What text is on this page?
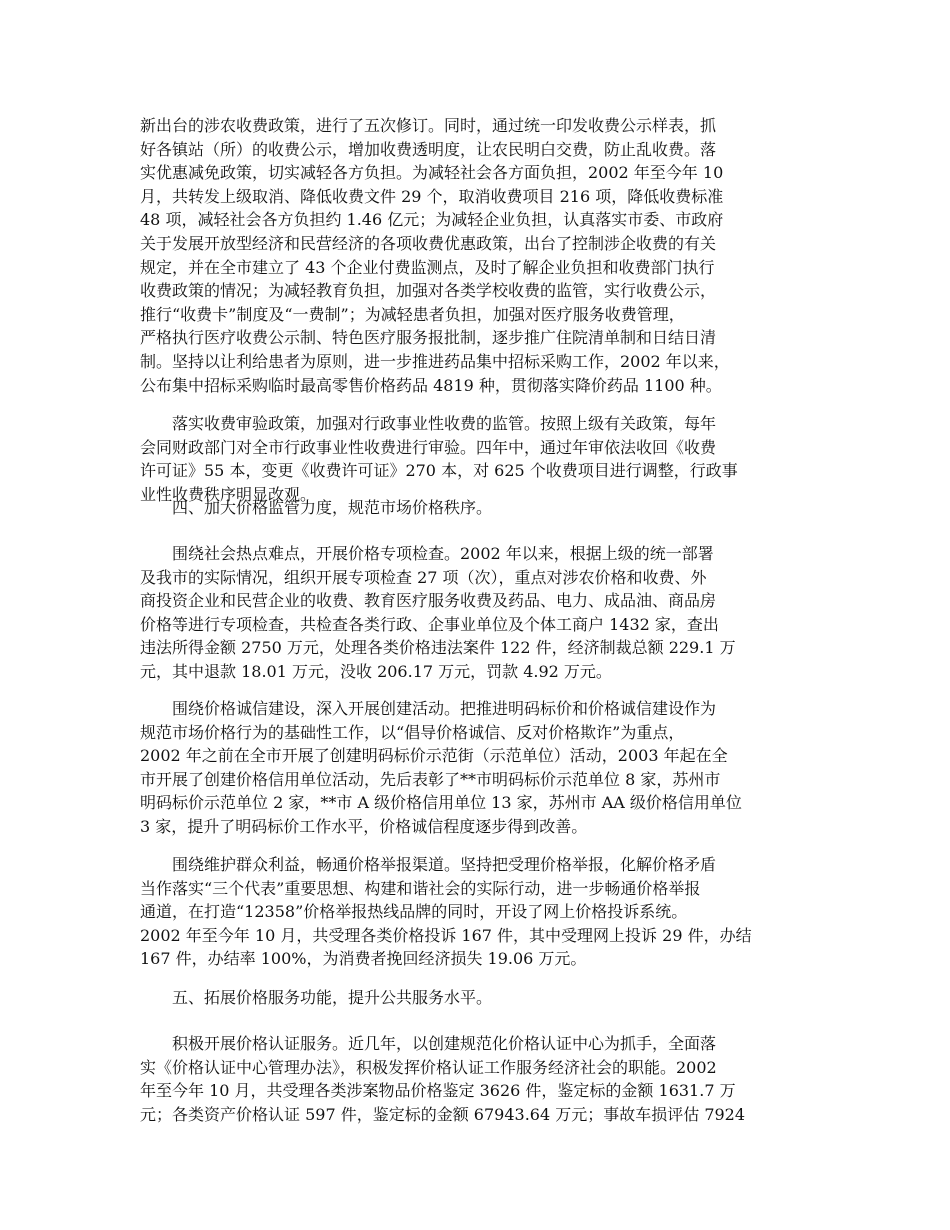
新出台的涉农收费政策，进行了五次修订。同时，通过统一印发收费公示样表，抓
好各镇站（所）的收费公示，增加收费透明度，让农民明白交费，防止乱收费。落
实优惠减免政策，切实减轻各方负担。为减轻社会各方面负担，2002 年至今年 10
月，共转发上级取消、降低收费文件 29 个，取消收费项目 216 项，降低收费标准
48 项，减轻社会各方负担约 1.46 亿元；为减轻企业负担，认真落实市委、市政府
关于发展开放型经济和民营经济的各项收费优惠政策，出台了控制涉企收费的有关
规定，并在全市建立了 43 个企业付费监测点，及时了解企业负担和收费部门执行
收费政策的情况；为减轻教育负担，加强对各类学校收费的监管，实行收费公示，
推行“收费卡”制度及“一费制”；为减轻患者负担，加强对医疗服务收费管理，
严格执行医疗收费公示制、特色医疗服务报批制，逐步推广住院清单制和日结日清
制。坚持以让利给患者为原则，进一步推进药品集中招标采购工作，2002 年以来，
公布集中招标采购临时最高零售价格药品 4819 种，贯彻落实降价药品 1100 种。
落实收费审验政策，加强对行政事业性收费的监管。按照上级有关政策，每年
会同财政部门对全市行政事业性收费进行审验。四年中，通过年审依法收回《收费
许可证》55 本，变更《收费许可证》270 本，对 625 个收费项目进行调整，行政事
业性收费秩序明显改观。
四、加大价格监管力度，规范市场价格秩序。
围绕社会热点难点，开展价格专项检查。2002 年以来，根据上级的统一部署
及我市的实际情况，组织开展专项检查 27 项（次），重点对涉农价格和收费、外
商投资企业和民营企业的收费、教育医疗服务收费及药品、电力、成品油、商品房
价格等进行专项检查，共检查各类行政、企事业单位及个体工商户 1432 家，查出
违法所得金额 2750 万元，处理各类价格违法案件 122 件，经济制裁总额 229.1 万
元，其中退款 18.01 万元，没收 206.17 万元，罚款 4.92 万元。
围绕价格诚信建设，深入开展创建活动。把推进明码标价和价格诚信建设作为
规范市场价格行为的基础性工作，以“倡导价格诚信、反对价格欺诈”为重点，
2002 年之前在全市开展了创建明码标价示范街（示范单位）活动，2003 年起在全
市开展了创建价格信用单位活动，先后表彰了**市明码标价示范单位 8 家，苏州市
明码标价示范单位 2 家，**市 A 级价格信用单位 13 家，苏州市 AA 级价格信用单位
3 家，提升了明码标价工作水平，价格诚信程度逐步得到改善。
围绕维护群众利益，畅通价格举报渠道。坚持把受理价格举报，化解价格矛盾
当作落实“三个代表”重要思想、构建和谐社会的实际行动，进一步畅通价格举报
通道，在打造“12358”价格举报热线品牌的同时，开设了网上价格投诉系统。
2002 年至今年 10 月，共受理各类价格投诉 167 件，其中受理网上投诉 29 件，办结
167 件，办结率 100%，为消费者挽回经济损失 19.06 万元。
五、拓展价格服务功能，提升公共服务水平。
积极开展价格认证服务。近几年，以创建规范化价格认证中心为抓手，全面落
实《价格认证中心管理办法》，积极发挥价格认证工作服务经济社会的职能。2002
年至今年 10 月，共受理各类涉案物品价格鉴定 3626 件，鉴定标的金额 1631.7 万
元；各类资产价格认证 597 件，鉴定标的金额 67943.64 万元；事故车损评估 7924
